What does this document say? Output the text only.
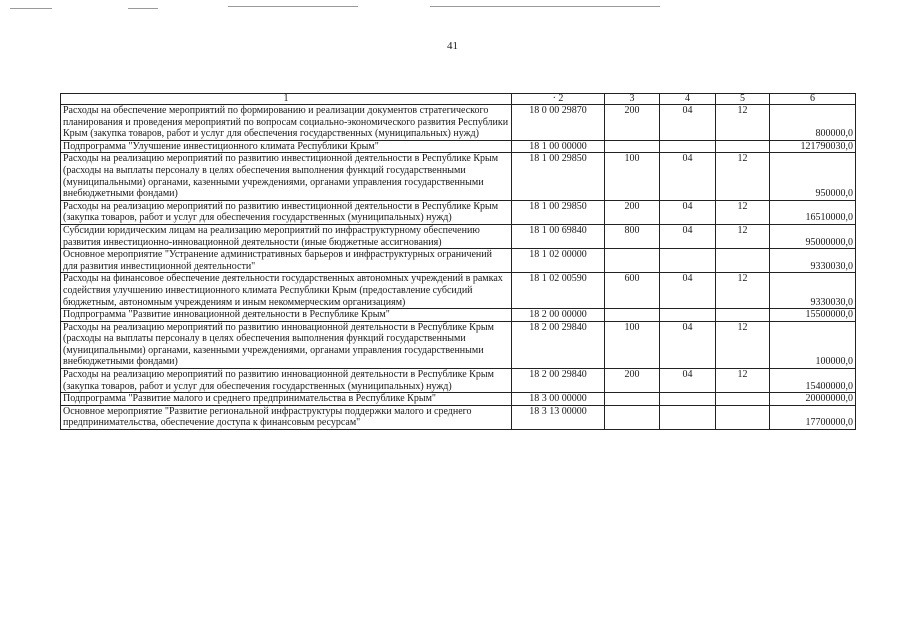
41
1	· 2	3	4	5	6
Расходы на обеспечение мероприятий по формированию и реализации документов стратегического планирования и проведения мероприятий по вопросам социально-экономического развития Республики Крым (закупка товаров, работ и услуг для обеспечения государственных (муниципальных) нужд)	18 0 00 29870	200	04	12	800000,0
Подпрограмма "Улучшение инвестиционного климата Республики Крым"	18 1 00 00000				121790030,0
Расходы на реализацию мероприятий по развитию инвестиционной деятельности в Республике Крым (расходы на выплаты персоналу в целях обеспечения выполнения функций государственными (муниципальными) органами, казенными учреждениями, органами управления государственными внебюджетными фондами)	18 1 00 29850	100	04	12	950000,0
Расходы на реализацию мероприятий по развитию инвестиционной деятельности в Республике Крым (закупка товаров, работ и услуг для обеспечения государственных (муниципальных) нужд)	18 1 00 29850	200	04	12	16510000,0
Субсидии юридическим лицам на реализацию мероприятий по инфраструктурному обеспечению развития инвестиционно-инновационной деятельности (иные бюджетные ассигнования)	18 1 00 69840	800	04	12	95000000,0
Основное мероприятие "Устранение административных барьеров и инфраструктурных ограничений для развития инвестиционной деятельности"	18 1 02 00000				9330030,0
Расходы на финансовое обеспечение деятельности государственных автономных учреждений в рамках содействия улучшению инвестиционного климата Республики Крым (предоставление субсидий бюджетным, автономным учреждениям и иным некоммерческим организациям)	18 1 02 00590	600	04	12	9330030,0
Подпрограмма "Развитие инновационной деятельности в Республике Крым"	18 2 00 00000				15500000,0
Расходы на реализацию мероприятий по развитию инновационной деятельности в Республике Крым (расходы на выплаты персоналу в целях обеспечения выполнения функций государственными (муниципальными) органами, казенными учреждениями, органами управления государственными внебюджетными фондами)	18 2 00 29840	100	04	12	100000,0
Расходы на реализацию мероприятий по развитию инновационной деятельности в Республике Крым (закупка товаров, работ и услуг для обеспечения государственных (муниципальных) нужд)	18 2 00 29840	200	04	12	15400000,0
Подпрограмма "Развитие малого и среднего предпринимательства в Республике Крым"	18 3 00 00000				20000000,0
Основное мероприятие "Развитие региональной инфраструктуры поддержки малого и среднего предпринимательства, обеспечение доступа к финансовым ресурсам"	18 3 13 00000				17700000,0
